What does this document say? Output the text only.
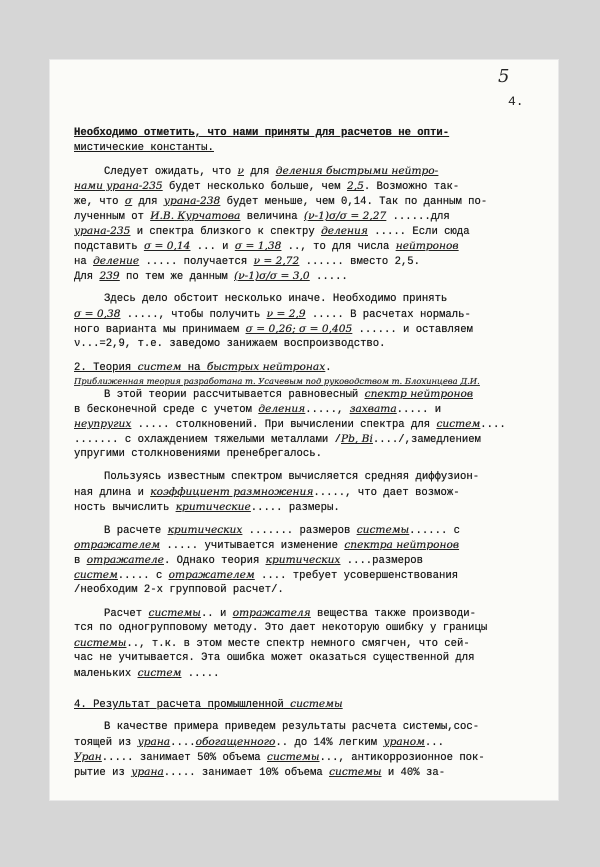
5
4.
Необходимо отметить, что нами приняты для расчетов не опти-
мистические константы.
Следует ожидать, что ν для деления быстрыми нейтро-
нами урана-235 будет несколько больше, чем 2,5. Возможно так-
же, что σ для урана-238 будет меньше, чем 0,14. Так по данным по-
лученным от И.В. Курчатова величина (ν-1)σ/σ = 2,27 ......для
урана-235 и спектра близкого к спектру деления ..... Если сюда
подставить σ = 0,14 ... и σ = 1,38 .., то для числа нейтронов
на деление ..... получается ν = 2,72 ...... вместо 2,5.
Для 239 по тем же данным (ν-1)σ/σ = 3,0 .....
Здесь дело обстоит несколько иначе. Необходимо принять
σ = 0,38 ....., чтобы получить ν = 2,9 ..... В расчетах нормаль-
ного варианта мы принимаем σ = 0,26; σ = 0,405 ...... и оставляем
ν...=2,9, т.е. заведомо занижаем воспроизводство.
2. Теория систем на быстрых нейтронах.
Приближенная теория разработана т. Усачевым под руководством т. Блохинцева Д.И.
В этой теории рассчитывается равновесный спектр нейтронов
в бесконечной среде с учетом деления....., захвата..... и
неупругих ..... столкновений. При вычислении спектра для систем....
....... с охлаждением тяжелыми металлами /Pb, Bi..../,замедлением
упругими столкновениями пренебрегалось.
Пользуясь известным спектром вычисляется средняя диффузион-
ная длина и коэффициент размножения....., что дает возмож-
ность вычислить критические..... размеры.
В расчете критических ....... размеров системы...... с
отражателем ..... учитывается изменение спектра нейтронов
в отражателе. Однако теория критических ....размеров
систем..... с отражателем .... требует усовершенствования
/необходим 2-х групповой расчет/.
Расчет системы.. и отражателя вещества также производи-
тся по одногрупповому методу. Это дает некоторую ошибку у границы
системы.., т.к. в этом месте спектр немного смягчен, что сей-
час не учитывается. Эта ошибка может оказаться существенной для
маленьких систем .....
4. Результат расчета промышленной системы
В качестве примера приведем результаты расчета системы,сос-
тоящей из урана....обогащенного.. до 14% легким ураном...
Уран..... занимает 50% объема системы..., антикоррозионное пок-
рытие из урана..... занимает 10% объема системы и 40% за-
